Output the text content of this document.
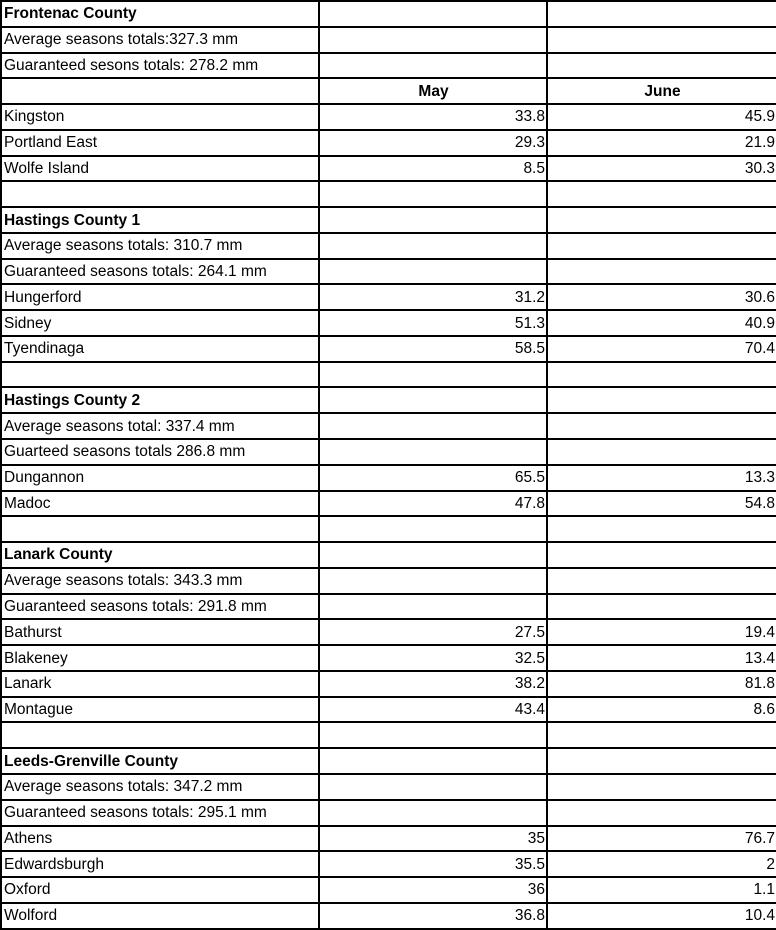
Frontenac County		
Average seasons totals:327.3 mm		
Guaranteed sesons totals: 278.2 mm		
	May	June
Kingston	33.8	45.9
Portland East	29.3	21.9
Wolfe Island	8.5	30.3

Hastings County 1		
Average seasons totals: 310.7 mm		
Guaranteed seasons totals: 264.1 mm		
Hungerford	31.2	30.6
Sidney	51.3	40.9
Tyendinaga	58.5	70.4

Hastings County 2		
Average seasons total: 337.4 mm		
Guarteed seasons totals 286.8 mm		
Dungannon	65.5	13.3
Madoc	47.8	54.8

Lanark County		
Average seasons totals: 343.3 mm		
Guaranteed seasons totals: 291.8 mm		
Bathurst	27.5	19.4
Blakeney	32.5	13.4
Lanark	38.2	81.8
Montague	43.4	8.6

Leeds-Grenville County		
Average seasons totals: 347.2 mm		
Guaranteed seasons totals: 295.1 mm		
Athens	35	76.7
Edwardsburgh	35.5	2
Oxford	36	1.1
Wolford	36.8	10.4
